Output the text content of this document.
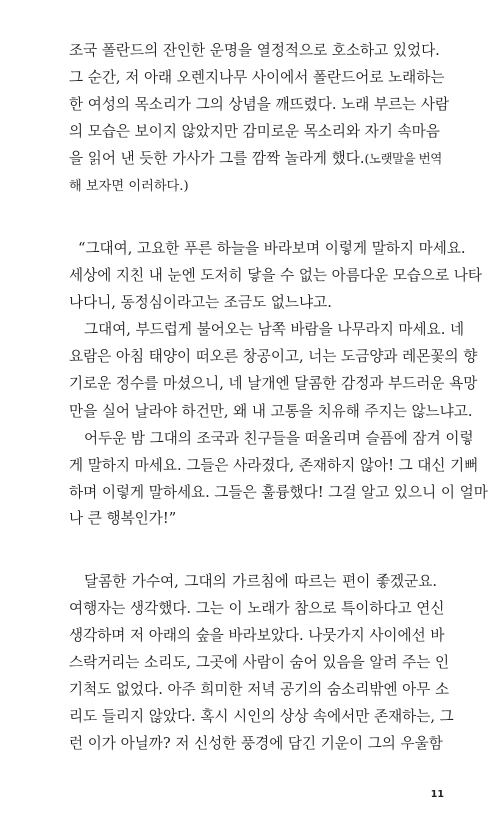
조국 폴란드의 잔인한 운명을 열정적으로 호소하고 있었다.
그 순간, 저 아래 오렌지나무 사이에서 폴란드어로 노래하는
한 여성의 목소리가 그의 상념을 깨뜨렸다. 노래 부르는 사람
의 모습은 보이지 않았지만 감미로운 목소리와 자기 속마음
을 읽어 낸 듯한 가사가 그를 깜짝 놀라게 했다.(노랫말을 번역
해 보자면 이러하다.)
“그대여, 고요한 푸른 하늘을 바라보며 이렇게 말하지 마세요.
세상에 지친 내 눈엔 도저히 닿을 수 없는 아름다운 모습으로 나타
나다니, 동정심이라고는 조금도 없느냐고.
그대여, 부드럽게 불어오는 남쪽 바람을 나무라지 마세요. 네
요람은 아침 태양이 떠오른 창공이고, 너는 도금양과 레몬꽃의 향
기로운 정수를 마셨으니, 네 날개엔 달콤한 감정과 부드러운 욕망
만을 실어 날라야 하건만, 왜 내 고통을 치유해 주지는 않느냐고.
어두운 밤 그대의 조국과 친구들을 떠올리며 슬픔에 잠겨 이렇
게 말하지 마세요. 그들은 사라졌다, 존재하지 않아! 그 대신 기뻐
하며 이렇게 말하세요. 그들은 훌륭했다! 그걸 알고 있으니 이 얼마
나 큰 행복인가!”
달콤한 가수여, 그대의 가르침에 따르는 편이 좋겠군요.
여행자는 생각했다. 그는 이 노래가 참으로 특이하다고 연신
생각하며 저 아래의 숲을 바라보았다. 나뭇가지 사이에선 바
스락거리는 소리도, 그곳에 사람이 숨어 있음을 알려 주는 인
기척도 없었다. 아주 희미한 저녁 공기의 숨소리밖엔 아무 소
리도 들리지 않았다. 혹시 시인의 상상 속에서만 존재하는, 그
런 이가 아닐까? 저 신성한 풍경에 담긴 기운이 그의 우울함
11
